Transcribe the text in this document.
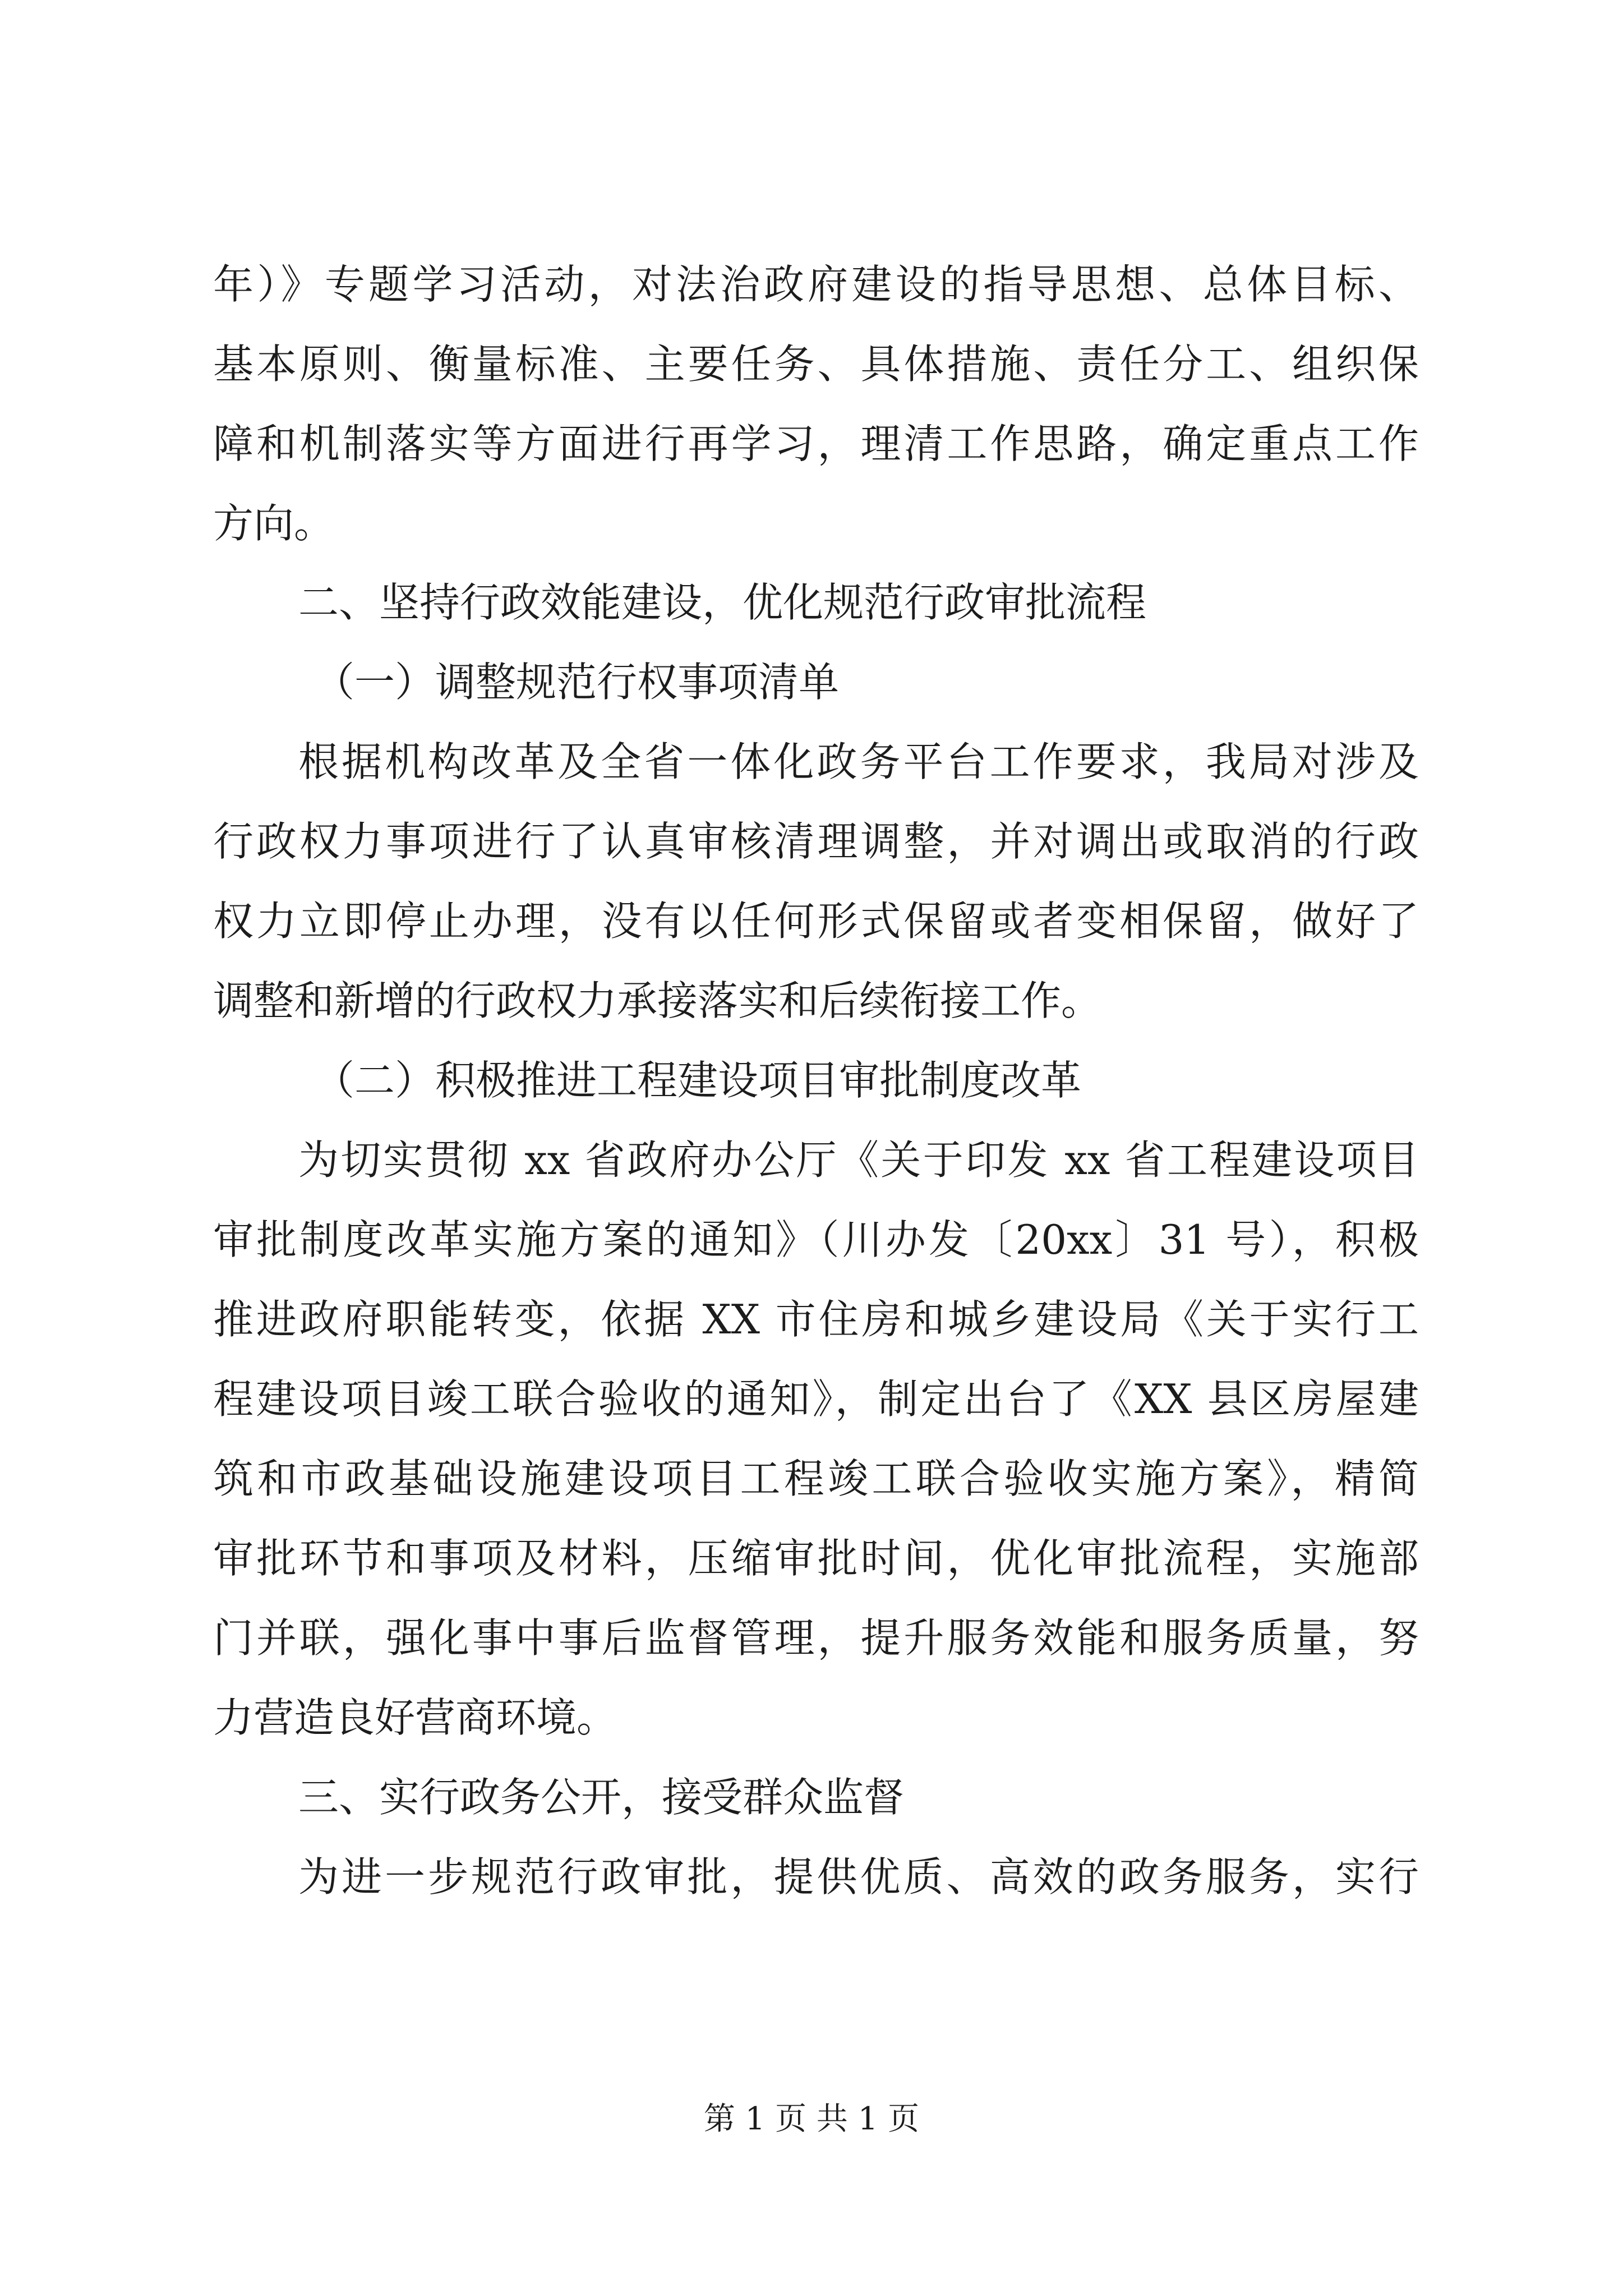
年）》专题学习活动，对法治政府建设的指导思想、总体目标、
基本原则、衡量标准、主要任务、具体措施、责任分工、组织保
障和机制落实等方面进行再学习，理清工作思路，确定重点工作
方向。
二、坚持行政效能建设，优化规范行政审批流程
（一）调整规范行权事项清单
根据机构改革及全省一体化政务平台工作要求，我局对涉及
行政权力事项进行了认真审核清理调整，并对调出或取消的行政
权力立即停止办理，没有以任何形式保留或者变相保留，做好了
调整和新增的行政权力承接落实和后续衔接工作。
（二）积极推进工程建设项目审批制度改革
为切实贯彻 xx 省政府办公厅《关于印发 xx 省工程建设项目
审批制度改革实施方案的通知》（川办发〔20xx〕31 号），积极
推进政府职能转变，依据 XX 市住房和城乡建设局《关于实行工
程建设项目竣工联合验收的通知》，制定出台了《XX 县区房屋建
筑和市政基础设施建设项目工程竣工联合验收实施方案》，精简
审批环节和事项及材料，压缩审批时间，优化审批流程，实施部
门并联，强化事中事后监督管理，提升服务效能和服务质量，努
力营造良好营商环境。
三、实行政务公开，接受群众监督
为进一步规范行政审批，提供优质、高效的政务服务，实行
第 1 页 共 1 页
